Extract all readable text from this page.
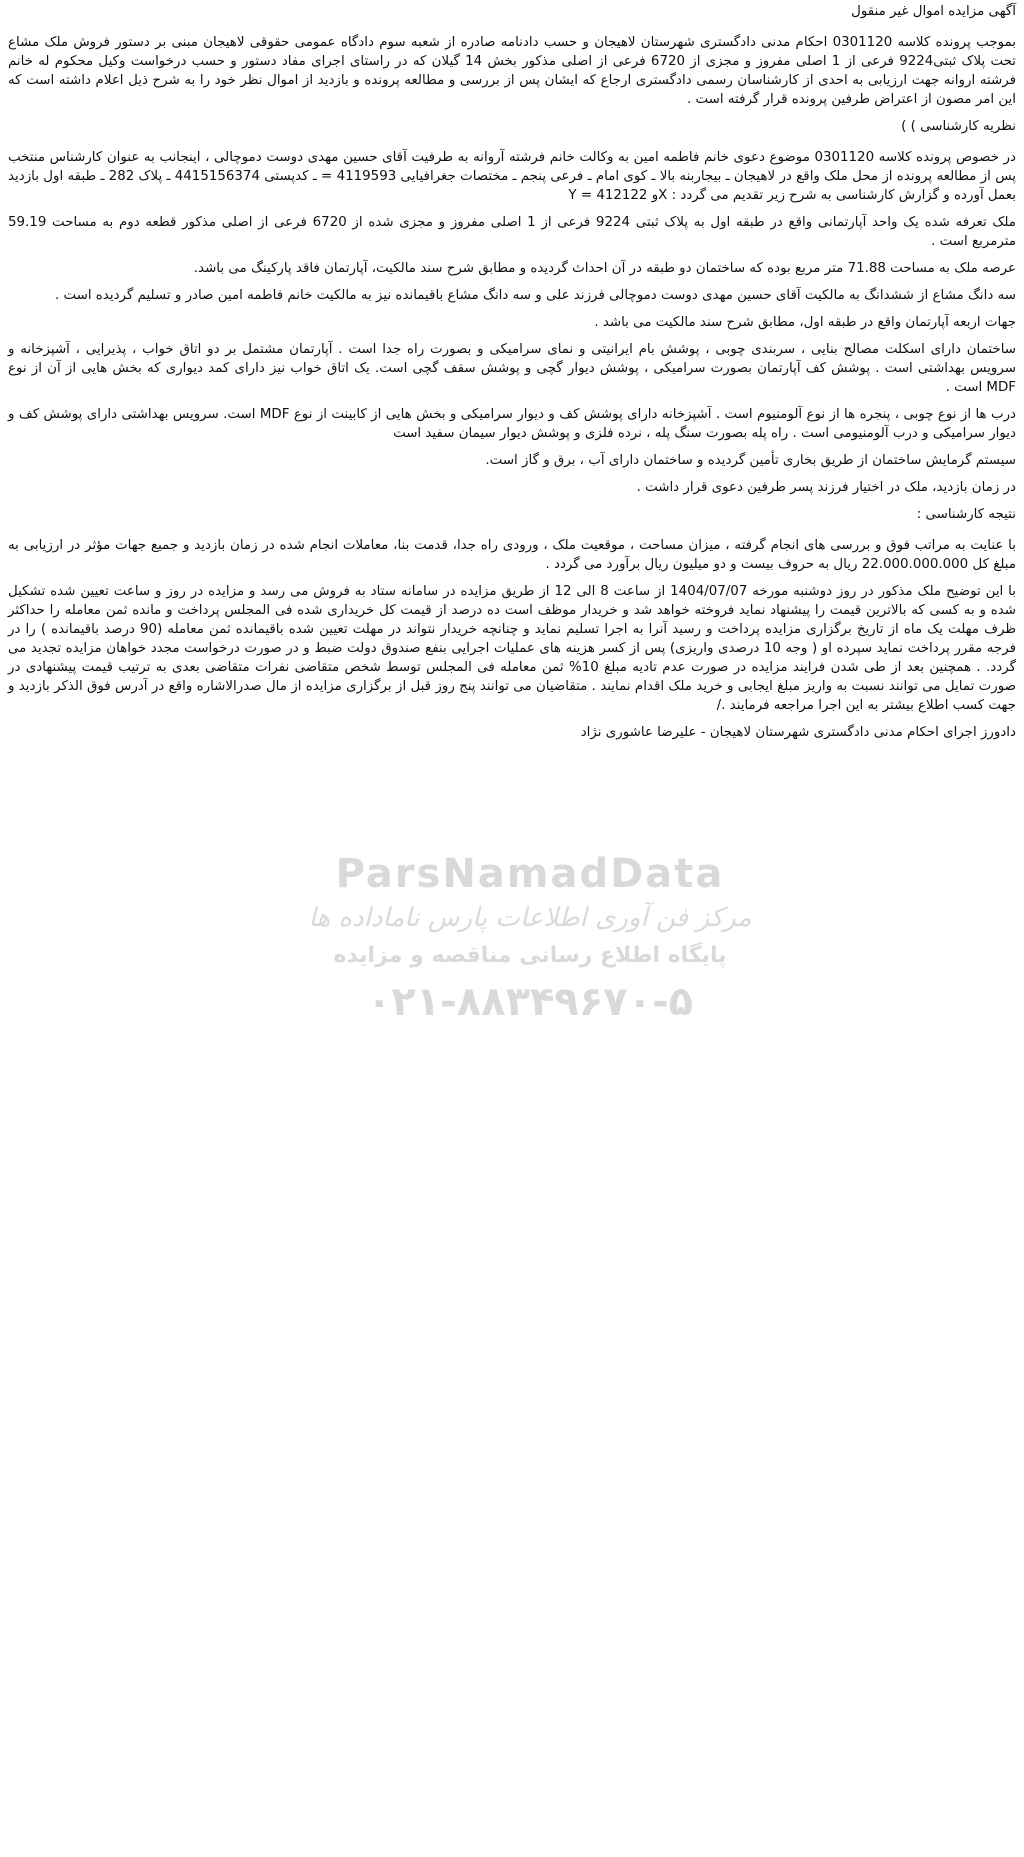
آگهی مزایده اموال غیر منقول

بموجب پرونده کلاسه 0301120 احکام مدنی دادگستری شهرستان لاهیجان و حسب دادنامه صادره از شعبه سوم دادگاه عمومی حقوقی لاهیجان مبنی بر دستور فروش ملک مشاع تحت پلاک ثبتی9224 فرعی از 1 اصلی مفروز و مجزی از 6720 فرعی از اصلی مذکور بخش 14 گیلان که در راستای اجرای مفاد دستور و حسب درخواست وکیل محکوم له خانم فرشته اروانه جهت ارزیابی به احدی از کارشناسان رسمی دادگستری ارجاع که ایشان پس از بررسی و مطالعه پرونده و بازدید از اموال نظر خود را به شرح ذیل اعلام داشته است که این امر مصون از اعتراض طرفین پرونده قرار گرفته است .

نظریه کارشناسی ) )

در خصوص پرونده کلاسه 0301120 موضوع دعوی خانم فاطمه امین به وکالت خانم فرشته آروانه به طرفیت آقای حسین مهدی دوست دموچالی ، اینجانب به عنوان کارشناس منتخب پس از مطالعه پرونده از محل ملک واقع در لاهیجان ـ بیجاربنه بالا ـ کوی امام ـ فرعی پنجم ـ مختصات جغرافیایی 4119593 = ـ کدپستی 4415156374 ـ پلاک 282 ـ طبقه اول بازدید بعمل آورده و گزارش کارشناسی به شرح زیر تقدیم می گردد : Xو 412122 = Y

ملک تعرفه شده یک واحد آپارتمانی واقع در طبقه اول به پلاک ثبتی 9224 فرعی از 1 اصلی مفروز و مجزی شده از 6720 فرعی از اصلی مذکور قطعه دوم به مساحت 59.19 مترمربع است .

عرصه ملک به مساحت 71.88 متر مربع بوده که ساختمان دو طبقه در آن احداث گردیده و مطابق شرح سند مالکیت، آپارتمان فاقد پارکینگ می باشد.

سه دانگ مشاع از ششدانگ به مالکیت آقای حسین مهدی دوست دموچالی فرزند علی و سه دانگ مشاع باقیمانده نیز به مالکیت خانم فاطمه امین صادر و تسلیم گردیده است .

جهات اربعه آپارتمان واقع در طبقه اول، مطابق شرح سند مالکیت می باشد .

ساختمان دارای اسکلت مصالح بنایی ، سربندی چوبی ، پوشش بام ایرانیتی و نمای سرامیکی و بصورت راه جدا است . آپارتمان مشتمل بر دو اتاق خواب ، پذیرایی ، آشپزخانه و سرویس بهداشتی است . پوشش کف آپارتمان بصورت سرامیکی ، پوشش دیوار گچی و پوشش سقف گچی است. یک اتاق خواب نیز دارای کمد دیواری که بخش هایی از آن از نوع MDF است .

درب ها از نوع چوبی ، پنجره ها از نوع آلومنیوم است . آشپزخانه دارای پوشش کف و دیوار سرامیکی و بخش هایی از کابینت از نوع MDF است. سرویس بهداشتی دارای پوشش کف و دیوار سرامیکی و درب آلومنیومی است . راه پله بصورت سنگ پله ، نرده فلزی و پوشش دیوار سیمان سفید است

سیستم گرمایش ساختمان از طریق بخاری تأمین گردیده و ساختمان دارای آب ، برق و گاز است.

در زمان بازدید، ملک در اختیار فرزند پسر طرفین دعوی قرار داشت .

نتیجه کارشناسی :

با عنایت به مراتب فوق و بررسی های انجام گرفته ، میزان مساحت ، موقعیت ملک ، ورودی راه جدا، قدمت بنا، معاملات انجام شده در زمان بازدید و جمیع جهات مؤثر در ارزیابی به مبلغ کل 22.000.000.000 ریال به حروف بیست و دو میلیون ریال برآورد می گردد .

با این توضیح ملک مذکور در روز دوشنبه مورخه 1404/07/07 از ساعت 8 الی 12 از طریق مزایده در سامانه ستاد به فروش می رسد و مزایده در روز و ساعت تعیین شده تشکیل شده و به کسی که بالاترین قیمت را پیشنهاد نماید فروخته خواهد شد و خریدار موظف است ده درصد از قیمت کل خریداری شده فی المجلس پرداخت و مانده ثمن معامله را حداکثر ظرف مهلت یک ماه از تاریخ برگزاری مزایده پرداخت و رسید آنرا به اجرا تسلیم نماید و چنانچه خریدار نتواند در مهلت تعیین شده باقیمانده ثمن معامله (90 درصد باقیمانده ) را در فرجه مقرر پرداخت نماید سپرده او ( وجه 10 درصدی واریزی) پس از کسر هزینه های عملیات اجرایی بنفع صندوق دولت ضبط و در صورت درخواست مجدد خواهان مزایده تجدید می گردد. . همچنین بعد از طی شدن فرایند مزایده در صورت عدم تادیه مبلغ 10% ثمن معامله فی المجلس توسط شخص متقاضی نفرات متقاضی بعدی به ترتیب قیمت پیشنهادی در صورت تمایل می توانند نسبت به واریز مبلغ ایجابی و خرید ملک اقدام نمایند . متقاضیان می توانند پنج روز قبل از برگزاری مزایده از مال صدرالاشاره واقع در آدرس فوق الذکر بازدید و جهت کسب اطلاع بیشتر به این اجرا مراجعه فرمایند ./

دادورز اجرای احکام مدنی دادگستری شهرستان لاهیجان - علیرضا عاشوری نژاد

ParsNamadData
مرکز فن آوری اطلاعات پارس ناماداده ها
پایگاه اطلاع رسانی مناقصه و مزایده
۰۲۱-۸۸۳۴۹۶۷۰-۵
